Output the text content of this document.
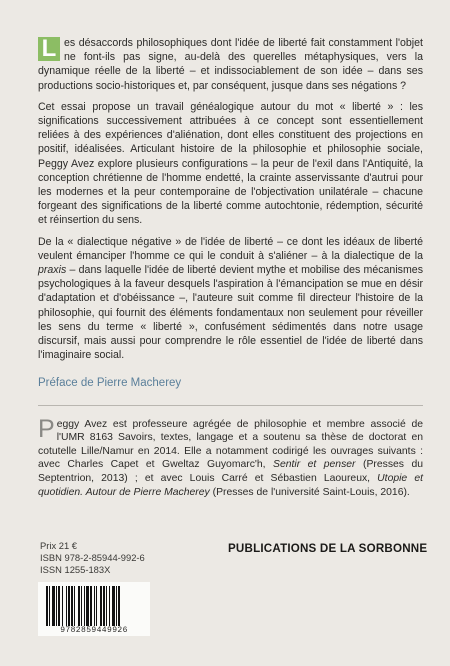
L es désaccords philosophiques dont l'idée de liberté fait constamment l'objet ne font-ils pas signe, au-delà des querelles métaphysiques, vers la dynamique réelle de la liberté – et indissociablement de son idée – dans ses productions socio-historiques et, par conséquent, jusque dans ses négations ?

Cet essai propose un travail généalogique autour du mot « liberté » : les significations successivement attribuées à ce concept sont essentiellement reliées à des expériences d'aliénation, dont elles constituent des projections en positif, idéalisées. Articulant histoire de la philosophie et philosophie sociale, Peggy Avez explore plusieurs configurations – la peur de l'exil dans l'Antiquité, la conception chrétienne de l'homme endetté, la crainte asservissante d'autrui pour les modernes et la peur contemporaine de l'objectivation unilatérale – chacune forgeant des significations de la liberté comme autochtonie, rédemption, sécurité et réinsertion du sens.

De la « dialectique négative » de l'idée de liberté – ce dont les idéaux de liberté veulent émanciper l'homme ce qui le conduit à s'aliéner – à la dialectique de la praxis – dans laquelle l'idée de liberté devient mythe et mobilise des mécanismes psychologiques à la faveur desquels l'aspiration à l'émancipation se mue en désir d'adaptation et d'obéissance –, l'auteure suit comme fil directeur l'histoire de la philosophie, qui fournit des éléments fondamentaux non seulement pour réveiller les sens du terme « liberté », confusément sédimentés dans notre usage discursif, mais aussi pour comprendre le rôle essentiel de l'idée de liberté dans l'imaginaire social.

Préface de Pierre Macherey

Peggy Avez est professeure agrégée de philosophie et membre associé de l'UMR 8163 Savoirs, textes, langage et a soutenu sa thèse de doctorat en cotutelle Lille/Namur en 2014. Elle a notamment codirigé les ouvrages suivants : avec Charles Capet et Gweltaz Guyomarc'h, Sentir et penser (Presses du Septentrion, 2013) ; et avec Louis Carré et Sébastien Laoureux, Utopie et quotidien. Autour de Pierre Macherey (Presses de l'université Saint-Louis, 2016).

Prix 21 €
ISBN 978-2-85944-992-6
ISSN 1255-183X
PUBLICATIONS DE LA SORBONNE
9782859449926
